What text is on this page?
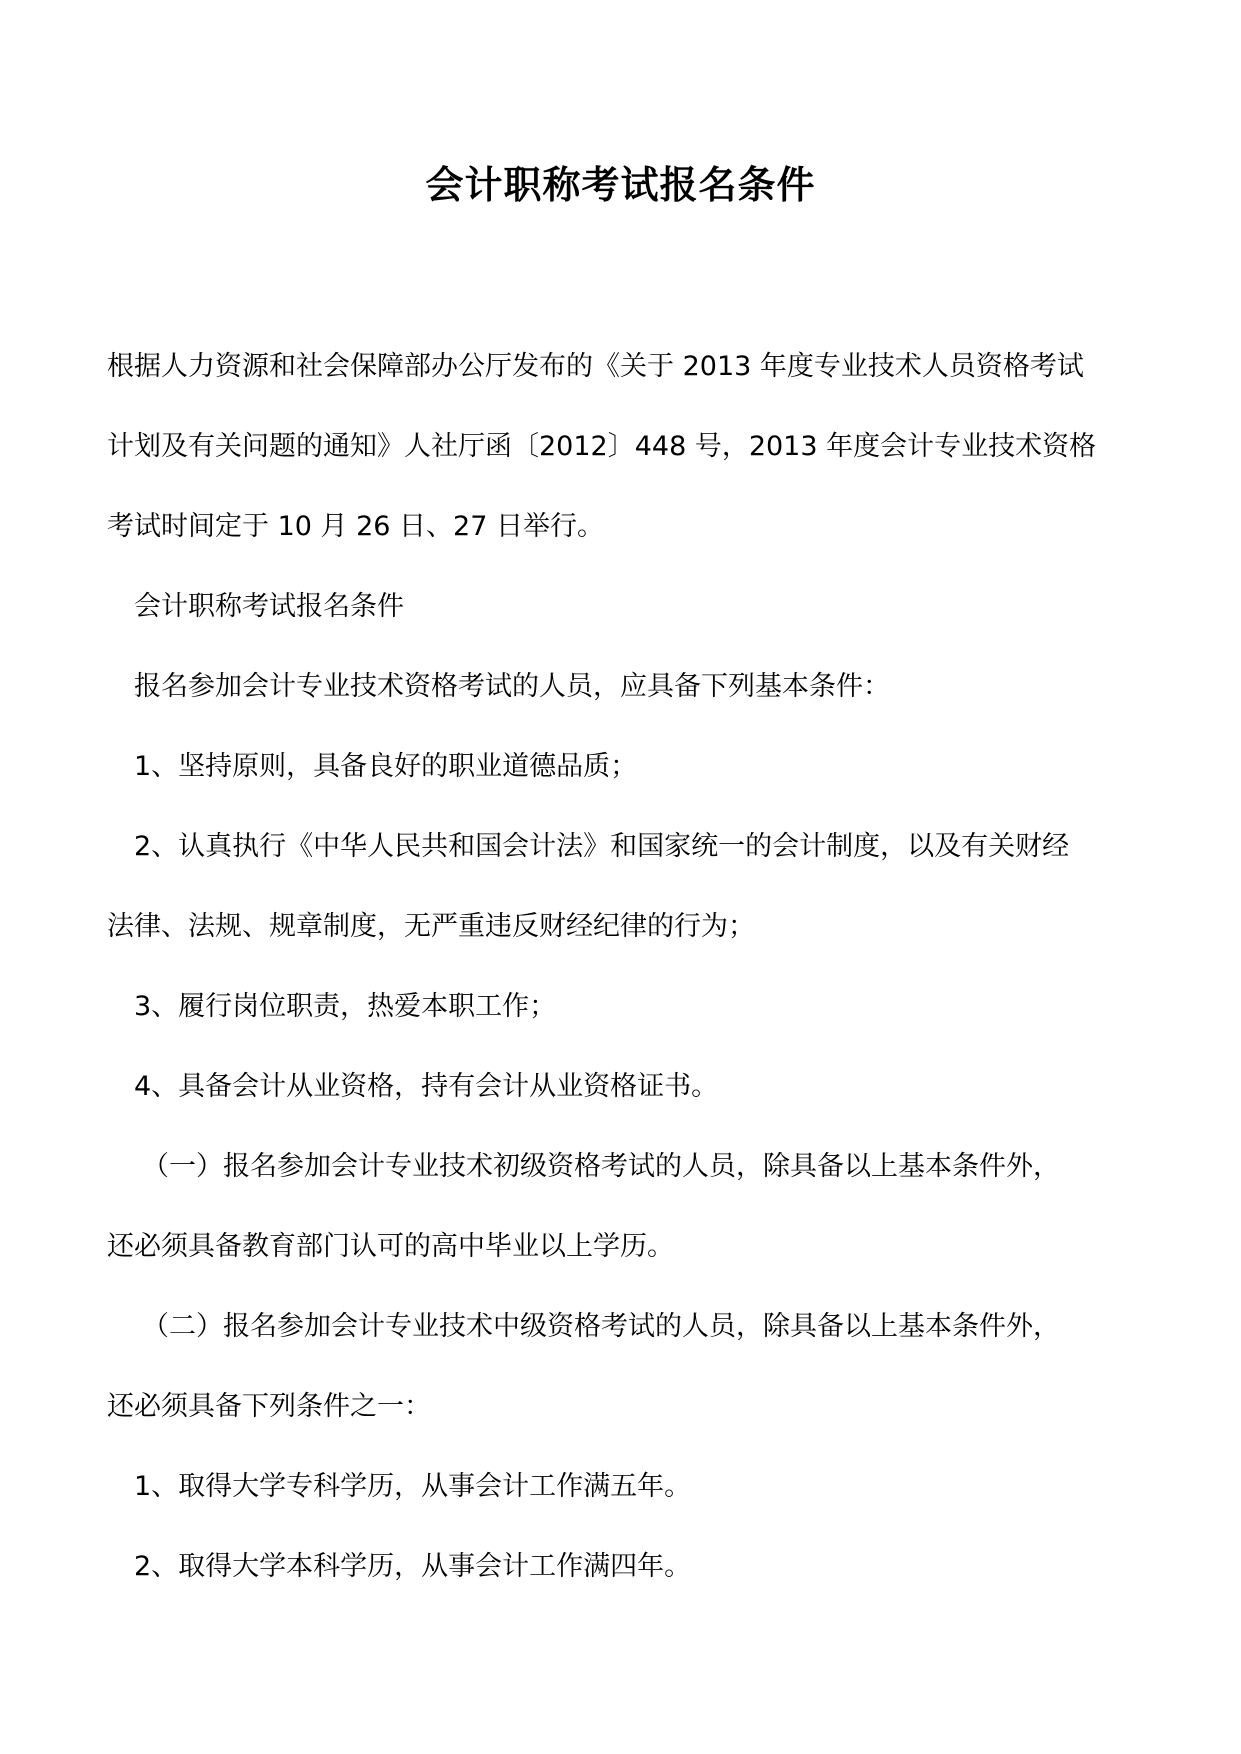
会计职称考试报名条件
根据人力资源和社会保障部办公厅发布的《关于 2013 年度专业技术人员资格考试
计划及有关问题的通知》人社厅函〔2012〕448 号，2013 年度会计专业技术资格
考试时间定于 10 月 26 日、27 日举行。
会计职称考试报名条件
报名参加会计专业技术资格考试的人员，应具备下列基本条件：
1、坚持原则，具备良好的职业道德品质；
2、认真执行《中华人民共和国会计法》和国家统一的会计制度，以及有关财经
法律、法规、规章制度，无严重违反财经纪律的行为；
3、履行岗位职责，热爱本职工作；
4、具备会计从业资格，持有会计从业资格证书。
（一）报名参加会计专业技术初级资格考试的人员，除具备以上基本条件外，
还必须具备教育部门认可的高中毕业以上学历。
（二）报名参加会计专业技术中级资格考试的人员，除具备以上基本条件外，
还必须具备下列条件之一：
1、取得大学专科学历，从事会计工作满五年。
2、取得大学本科学历，从事会计工作满四年。
